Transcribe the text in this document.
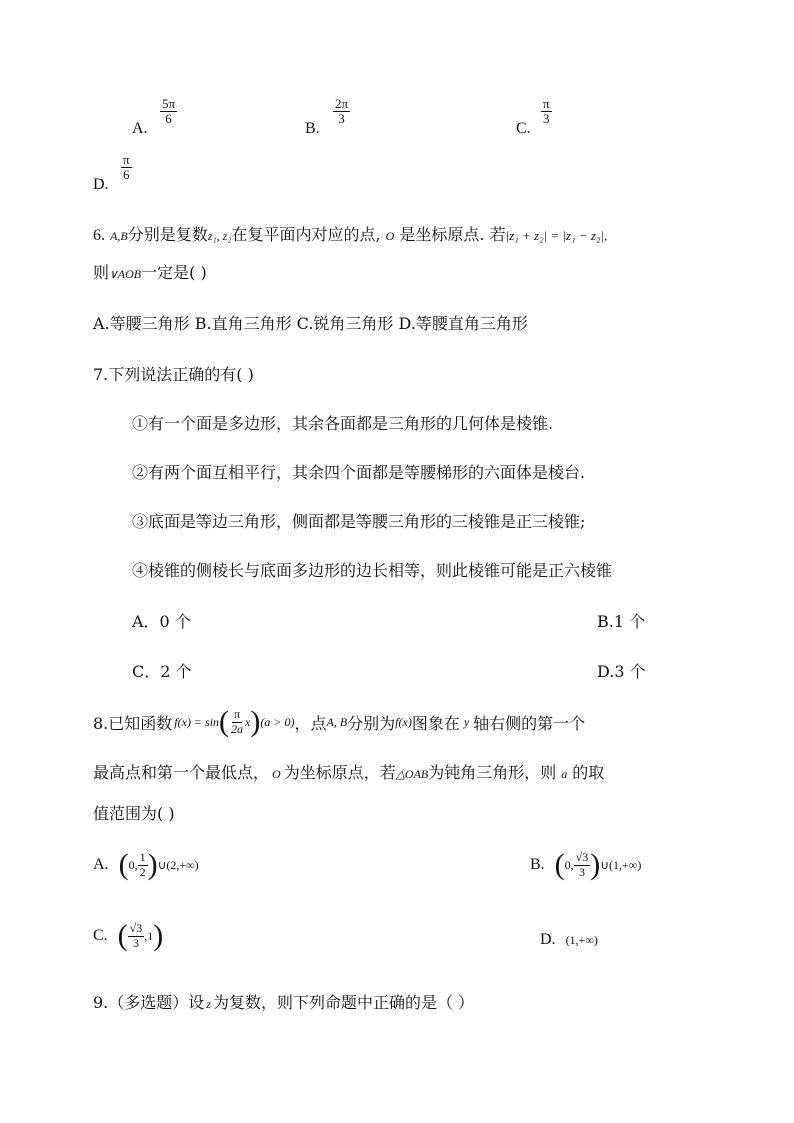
A.
$\frac{5\pi}{6}$
B.
$\frac{2\pi}{3}$
C.
$\frac{\pi}{3}$
D.
$\frac{\pi}{6}$
6. A,B分别是复数z₁, z₂在复平面内对应的点, O 是坐标原点. 若|z₁ + z₂| = |z₁ − z₂|,
则∨AOB一定是( )
A.等腰三角形 B.直角三角形 C.锐角三角形 D.等腰直角三角形
7.下列说法正确的有( )
①有一个面是多边形，其余各面都是三角形的几何体是棱锥.
②有两个面互相平行，其余四个面都是等腰梯形的六面体是棱台.
③底面是等边三角形，侧面都是等腰三角形的三棱锥是正三棱锥;
④棱锥的侧棱长与底面多边形的边长相等，则此棱锥可能是正六棱锥
A．0 个	B.1 个
C．2 个	D.3 个
8.已知函数 f(x) = sin ( $\frac{\pi}{2a}$ x ) (a > 0) ，点 A, B 分别为 f(x) 图象在 y 轴右侧的第一个
最高点和第一个最低点， O 为坐标原点，若△OAB为钝角三角形，则 a 的取
值范围为( )
A. ( 0, $\frac{1}{2}$ ) ∪(2,+∞)	B. ( 0, $\frac{√3}{3}$ ) ∪(1,+∞)
C. ( $\frac{√3}{3} ,1$ )	D. (1,+∞)
9.（多选题）设 z 为复数，则下列命题中正确的是（ ）
